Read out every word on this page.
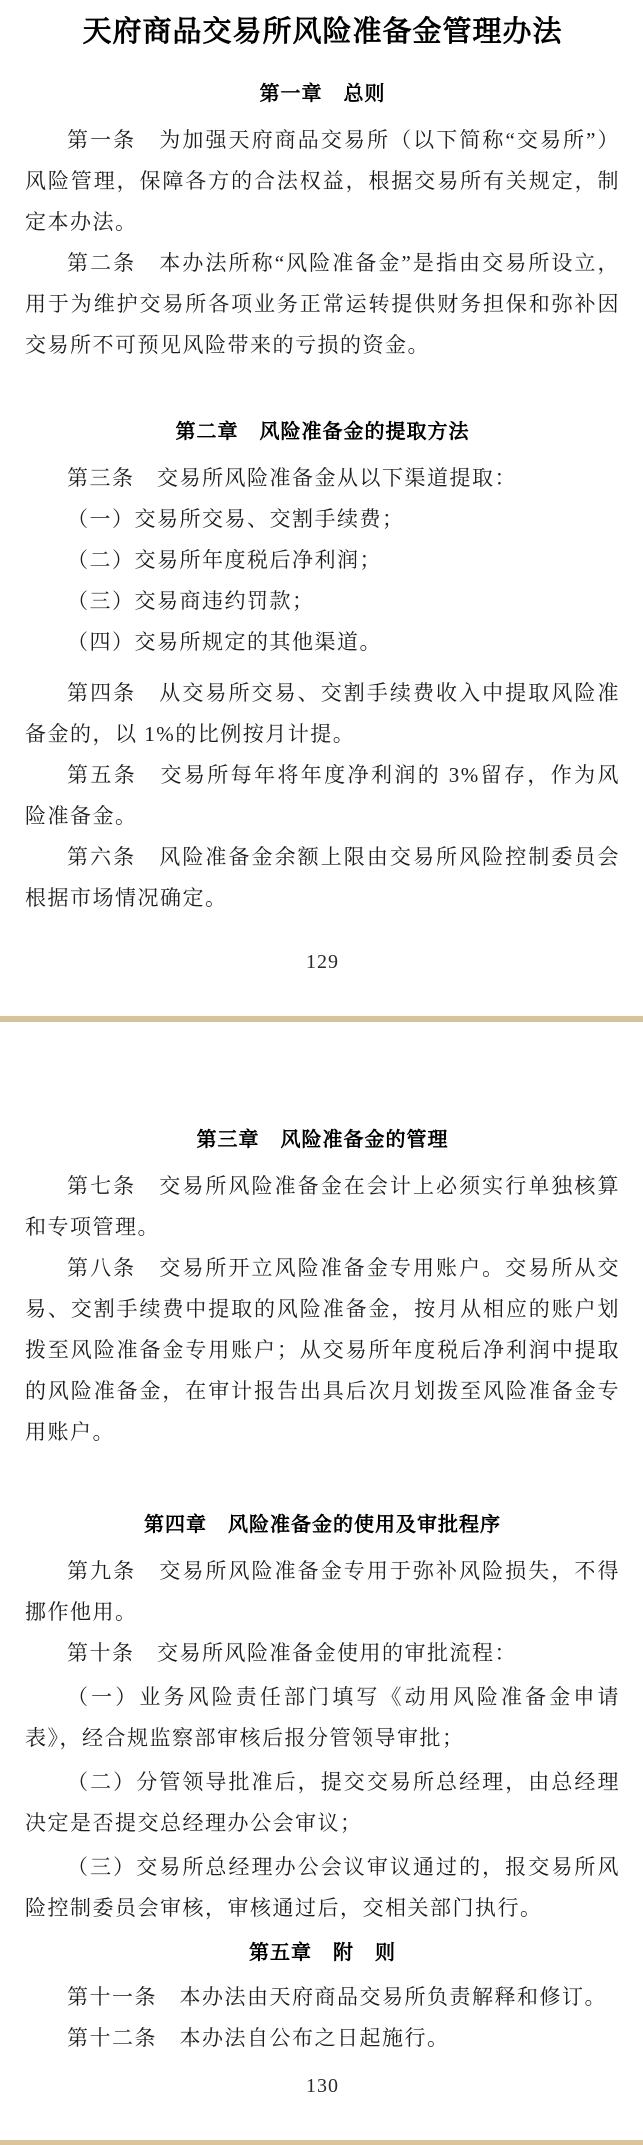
天府商品交易所风险准备金管理办法
第一章　总则

第一条　为加强天府商品交易所（以下简称“交易所”）风险管理，保障各方的合法权益，根据交易所有关规定，制定本办法。

第二条　本办法所称“风险准备金”是指由交易所设立，用于为维护交易所各项业务正常运转提供财务担保和弥补因交易所不可预见风险带来的亏损的资金。

第二章　风险准备金的提取方法

第三条　交易所风险准备金从以下渠道提取：

（一）交易所交易、交割手续费；

（二）交易所年度税后净利润；

（三）交易商违约罚款；

（四）交易所规定的其他渠道。

第四条　从交易所交易、交割手续费收入中提取风险准备金的，以 1%的比例按月计提。

第五条　交易所每年将年度净利润的 3%留存，作为风险准备金。

第六条　风险准备金余额上限由交易所风险控制委员会根据市场情况确定。

129
第三章　风险准备金的管理

第七条　交易所风险准备金在会计上必须实行单独核算和专项管理。

第八条　交易所开立风险准备金专用账户。交易所从交易、交割手续费中提取的风险准备金，按月从相应的账户划拨至风险准备金专用账户；从交易所年度税后净利润中提取的风险准备金，在审计报告出具后次月划拨至风险准备金专用账户。

第四章　风险准备金的使用及审批程序

第九条　交易所风险准备金专用于弥补风险损失，不得挪作他用。

第十条　交易所风险准备金使用的审批流程：

（一）业务风险责任部门填写《动用风险准备金申请表》，经合规监察部审核后报分管领导审批；

（二）分管领导批准后，提交交易所总经理，由总经理决定是否提交总经理办公会审议；

（三）交易所总经理办公会议审议通过的，报交易所风险控制委员会审核，审核通过后，交相关部门执行。

第五章　附　则

第十一条　本办法由天府商品交易所负责解释和修订。

第十二条　本办法自公布之日起施行。

130
